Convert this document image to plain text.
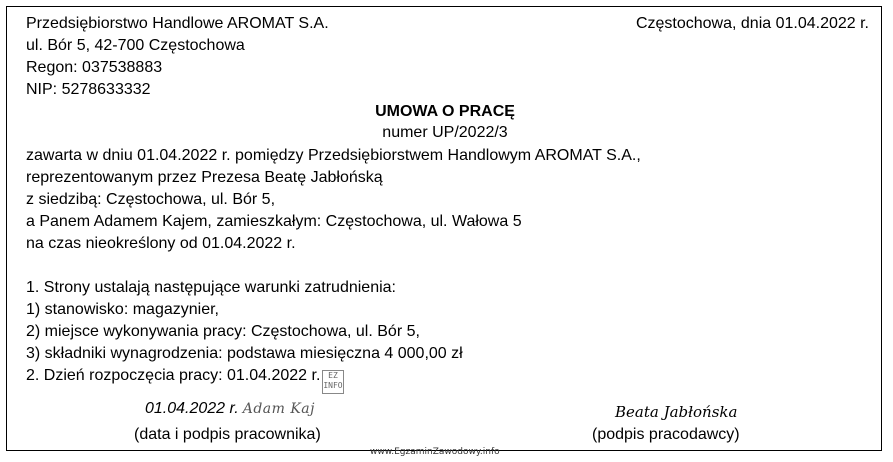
Przedsiębiorstwo Handlowe AROMAT S.A.
ul. Bór 5, 42-700 Częstochowa
Regon: 037538883
NIP: 5278633332
Częstochowa, dnia 01.04.2022 r.
UMOWA O PRACĘ
numer UP/2022/3
zawarta w dniu 01.04.2022 r. pomiędzy Przedsiębiorstwem Handlowym AROMAT S.A.,
reprezentowanym przez Prezesa Beatę Jabłońską
z siedzibą: Częstochowa, ul. Bór 5,
a Panem Adamem Kajem, zamieszkałym: Częstochowa, ul. Wałowa 5
na czas nieokreślony od 01.04.2022 r.
1. Strony ustalają następujące warunki zatrudnienia:
1) stanowisko: magazynier,
2) miejsce wykonywania pracy: Częstochowa, ul. Bór 5,
3) składniki wynagrodzenia: podstawa miesięczna 4 000,00 zł
2. Dzień rozpoczęcia pracy: 01.04.2022 r.
01.04.2022 r. Adam Kaj
(data i podpis pracownika)
Beata Jabłońska
(podpis pracodawcy)
EZ INFO
www.EgzaminZawodowy.info
